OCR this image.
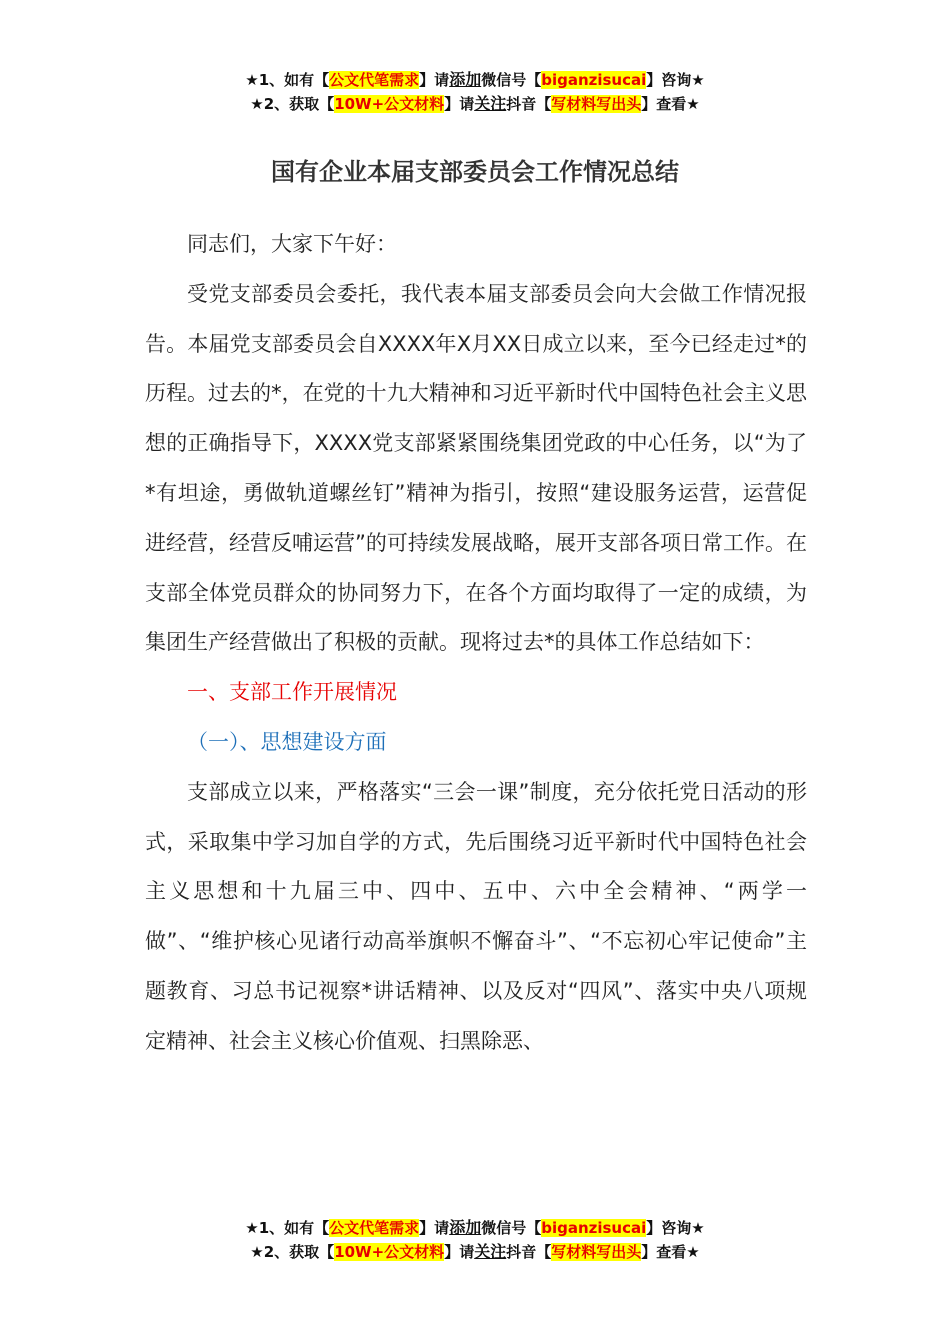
★1、如有【公文代笔需求】请添加微信号【biganzisucai】咨询★
★2、获取【10W+公文材料】请关注抖音【写材料写出头】查看★
国有企业本届支部委员会工作情况总结

同志们，大家下午好：

受党支部委员会委托，我代表本届支部委员会向大会做工作情况报告。本届党支部委员会自XXXX年X月XX日成立以来，至今已经走过*的历程。过去的*，在党的十九大精神和习近平新时代中国特色社会主义思想的正确指导下，XXXX党支部紧紧围绕集团党政的中心任务，以“为了*有坦途，勇做轨道螺丝钉”精神为指引，按照“建设服务运营，运营促进经营，经营反哺运营”的可持续发展战略，展开支部各项日常工作。在支部全体党员群众的协同努力下，在各个方面均取得了一定的成绩，为集团生产经营做出了积极的贡献。现将过去*的具体工作总结如下：

一、支部工作开展情况

（一）、思想建设方面

支部成立以来，严格落实“三会一课”制度，充分依托党日活动的形式，采取集中学习加自学的方式，先后围绕习近平新时代中国特色社会主义思想和十九届三中、四中、五中、六中全会精神、“两学一做”、“维护核心见诸行动高举旗帜不懈奋斗”、“不忘初心牢记使命”主题教育、习总书记视察*讲话精神、以及反对“四风”、落实中央八项规定精神、社会主义核心价值观、扫黑除恶、

★1、如有【公文代笔需求】请添加微信号【biganzisucai】咨询★
★2、获取【10W+公文材料】请关注抖音【写材料写出头】查看★
